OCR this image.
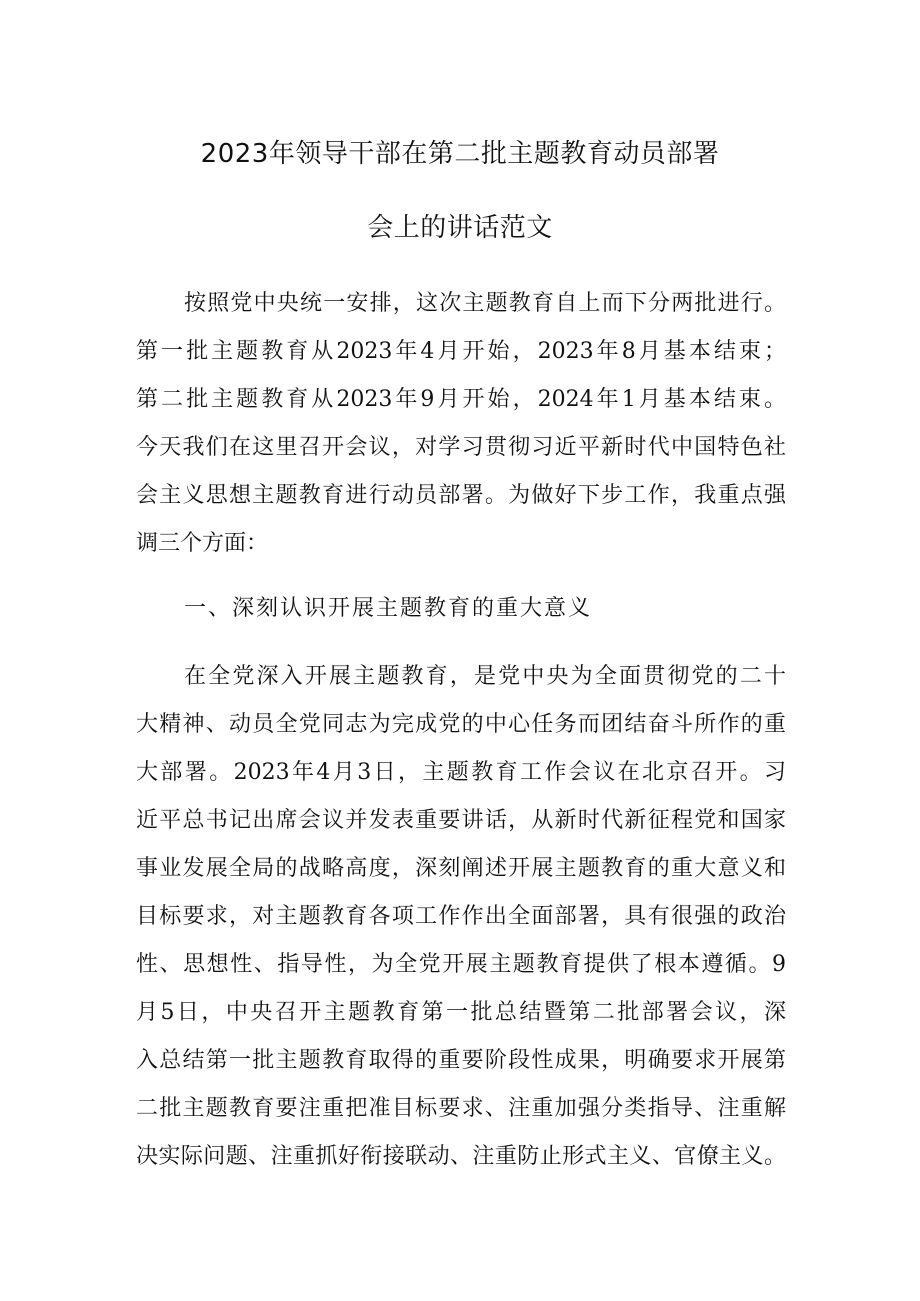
2023年领导干部在第二批主题教育动员部署
会上的讲话范文
按照党中央统一安排，这次主题教育自上而下分两批进行。
第一批主题教育从2023年4月开始，2023年8月基本结束；
第二批主题教育从2023年9月开始，2024年1月基本结束。
今天我们在这里召开会议，对学习贯彻习近平新时代中国特色社
会主义思想主题教育进行动员部署。为做好下步工作，我重点强
调三个方面：
一、深刻认识开展主题教育的重大意义
在全党深入开展主题教育，是党中央为全面贯彻党的二十
大精神、动员全党同志为完成党的中心任务而团结奋斗所作的重
大部署。2023年4月3日，主题教育工作会议在北京召开。习
近平总书记出席会议并发表重要讲话，从新时代新征程党和国家
事业发展全局的战略高度，深刻阐述开展主题教育的重大意义和
目标要求，对主题教育各项工作作出全面部署，具有很强的政治
性、思想性、指导性，为全党开展主题教育提供了根本遵循。9
月5日，中央召开主题教育第一批总结暨第二批部署会议，深
入总结第一批主题教育取得的重要阶段性成果，明确要求开展第
二批主题教育要注重把准目标要求、注重加强分类指导、注重解
决实际问题、注重抓好衔接联动、注重防止形式主义、官僚主义。
